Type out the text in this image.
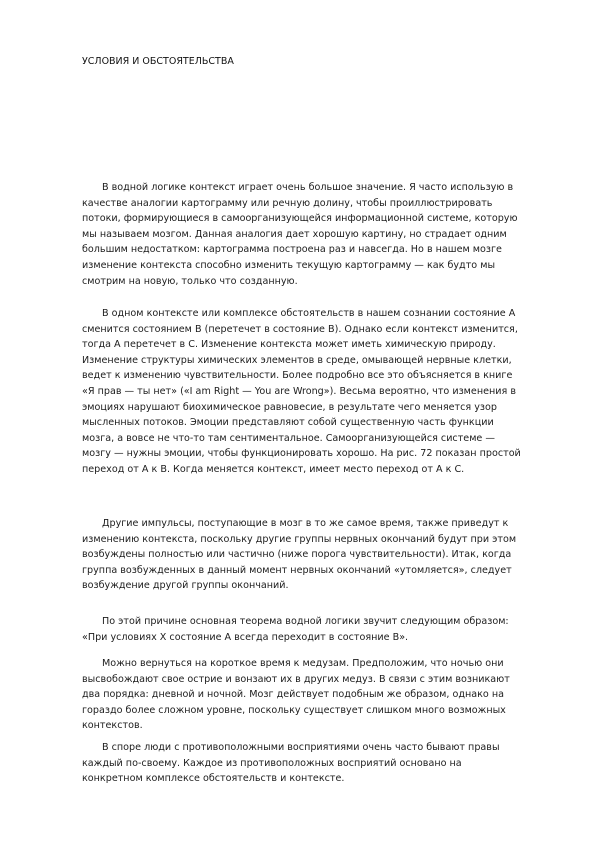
УСЛОВИЯ И ОБСТОЯТЕЛЬСТВА

В водной логике контекст играет очень большое значение. Я часто использую в качестве аналогии картограмму или речную долину, чтобы проиллюстрировать потоки, формирующиеся в самоорганизующейся информационной системе, которую мы называем мозгом. Данная аналогия дает хорошую картину, но страдает одним большим недостатком: картограмма построена раз и навсегда. Но в нашем мозге изменение контекста способно изменить текущую картограмму — как будто мы смотрим на новую, только что созданную.

В одном контексте или комплексе обстоятельств в нашем сознании состояние А сменится состоянием В (перетечет в состояние В). Однако если контекст изменится, тогда А перетечет в С. Изменение контекста может иметь химическую природу. Изменение структуры химических элементов в среде, омывающей нервные клетки, ведет к изменению чувствительности. Более подробно все это объясняется в книге «Я прав — ты нет» («I am Right — You are Wrong»). Весьма вероятно, что изменения в эмоциях нарушают биохимическое равновесие, в результате чего меняется узор мысленных потоков. Эмоции представляют собой существенную часть функции мозга, а вовсе не что-то там сентиментальное. Самоорганизующейся системе — мозгу — нужны эмоции, чтобы функционировать хорошо. На рис. 72 показан простой переход от А к В. Когда меняется контекст, имеет место переход от А к С.

Другие импульсы, поступающие в мозг в то же самое время, также приведут к изменению контекста, поскольку другие группы нервных окончаний будут при этом возбуждены полностью или частично (ниже порога чувствительности). Итак, когда группа возбужденных в данный момент нервных окончаний «утомляется», следует возбуждение другой группы окончаний.

По этой причине основная теорема водной логики звучит следующим образом: «При условиях X состояние А всегда переходит в состояние В».

Можно вернуться на короткое время к медузам. Предположим, что ночью они высвобождают свое острие и вонзают их в других медуз. В связи с этим возникают два порядка: дневной и ночной. Мозг действует подобным же образом, однако на гораздо более сложном уровне, поскольку существует слишком много возможных контекстов.

В споре люди с противоположными восприятиями очень часто бывают правы каждый по-своему. Каждое из противоположных восприятий основано на конкретном комплексе обстоятельств и контексте.
